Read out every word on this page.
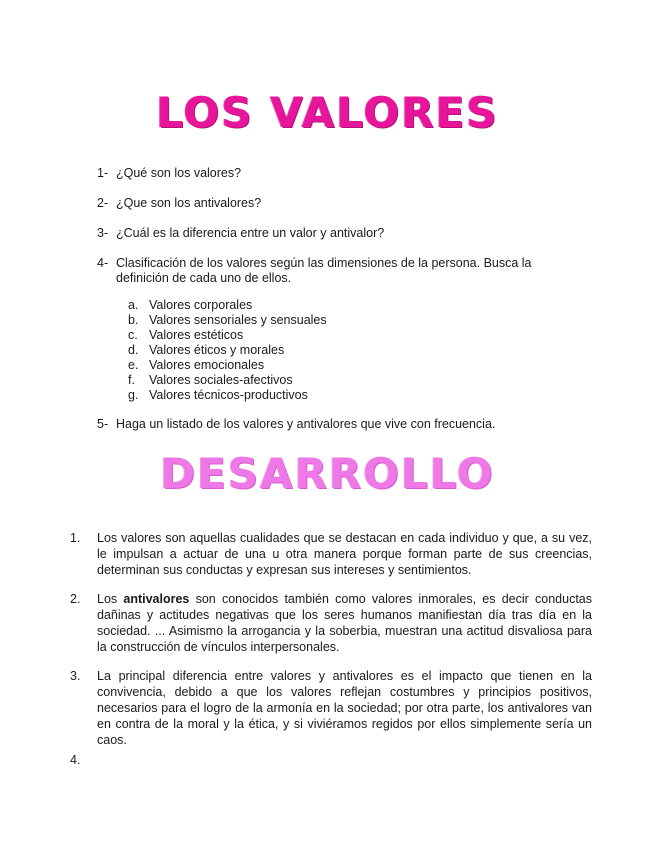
LOS VALORES
1- ¿Qué son los valores?
2- ¿Que son los antivalores?
3- ¿Cuál es la diferencia entre un valor y antivalor?
4- Clasificación de los valores según las dimensiones de la persona. Busca la definición de cada uno de ellos.
a. Valores corporales
b. Valores sensoriales y sensuales
c. Valores estéticos
d. Valores éticos y morales
e. Valores emocionales
f.	Valores sociales-afectivos
g. Valores técnicos-productivos
5- Haga un listado de los valores y antivalores que vive con frecuencia.
DESARROLLO
1. Los valores son aquellas cualidades que se destacan en cada individuo y que, a su vez, le impulsan a actuar de una u otra manera porque forman parte de sus creencias, determinan sus conductas y expresan sus intereses y sentimientos.
2. Los antivalores son conocidos también como valores inmorales, es decir conductas dañinas y actitudes negativas que los seres humanos manifiestan día tras día en la sociedad. ... Asimismo la arrogancia y la soberbia, muestran una actitud disvaliosa para la construcción de vínculos interpersonales.
3. La principal diferencia entre valores y antivalores es el impacto que tienen en la convivencia, debido a que los valores reflejan costumbres y principios positivos, necesarios para el logro de la armonía en la sociedad; por otra parte, los antivalores van en contra de la moral y la ética, y si viviéramos regidos por ellos simplemente sería un caos.
4.
